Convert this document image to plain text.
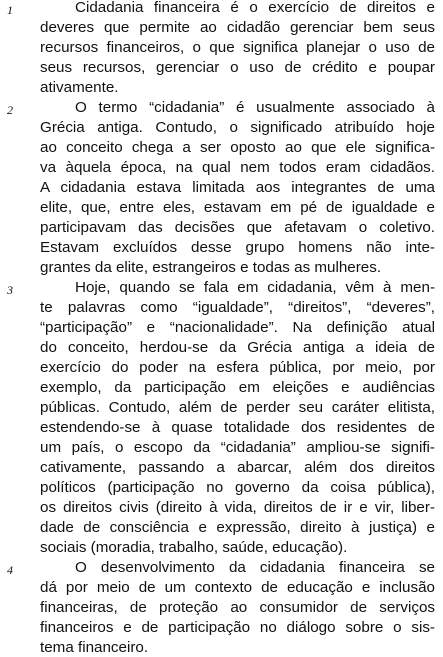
1	Cidadania financeira é o exercício de direitos e
deveres que permite ao cidadão gerenciar bem seus
recursos financeiros, o que significa planejar o uso de
seus recursos, gerenciar o uso de crédito e poupar
ativamente.
2	O termo “cidadania” é usualmente associado à
Grécia antiga. Contudo, o significado atribuído hoje
ao conceito chega a ser oposto ao que ele significa-
va àquela época, na qual nem todos eram cidadãos.
A cidadania estava limitada aos integrantes de uma
elite, que, entre eles, estavam em pé de igualdade e
participavam das decisões que afetavam o coletivo.
Estavam excluídos desse grupo homens não inte-
grantes da elite, estrangeiros e todas as mulheres.
3	Hoje, quando se fala em cidadania, vêm à men-
te palavras como “igualdade”, “direitos”, “deveres”,
“participação” e “nacionalidade”. Na definição atual
do conceito, herdou-se da Grécia antiga a ideia de
exercício do poder na esfera pública, por meio, por
exemplo, da participação em eleições e audiências
públicas. Contudo, além de perder seu caráter elitista,
estendendo-se à quase totalidade dos residentes de
um país, o escopo da “cidadania” ampliou-se signifi-
cativamente, passando a abarcar, além dos direitos
políticos (participação no governo da coisa pública),
os direitos civis (direito à vida, direitos de ir e vir, liber-
dade de consciência e expressão, direito à justiça) e
sociais (moradia, trabalho, saúde, educação).
4	O desenvolvimento da cidadania financeira se
dá por meio de um contexto de educação e inclusão
financeiras, de proteção ao consumidor de serviços
financeiros e de participação no diálogo sobre o sis-
tema financeiro.
